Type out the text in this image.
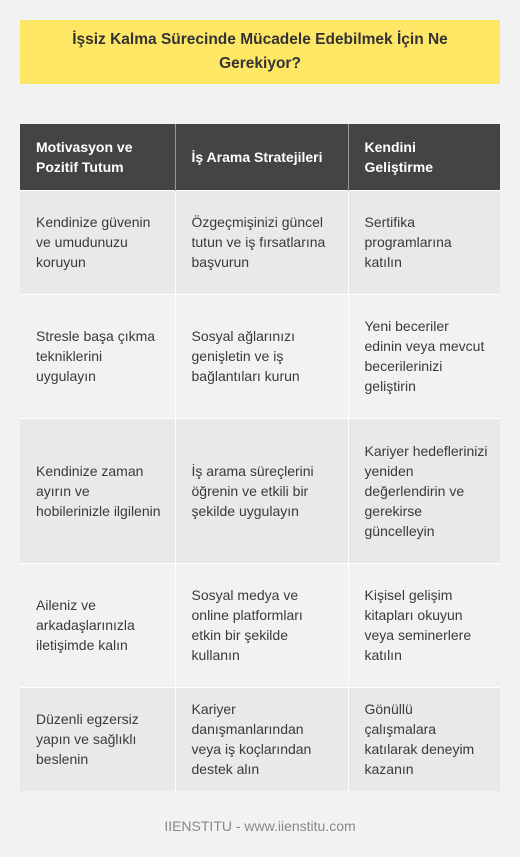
İşsiz Kalma Sürecinde Mücadele Edebilmek İçin Ne Gerekiyor?
Motivasyon ve Pozitif Tutum	İş Arama Stratejileri	Kendini Geliştirme
Kendinize güvenin ve umudunuzu koruyun	Özgeçmişinizi güncel tutun ve iş fırsatlarına başvurun	Sertifika programlarına katılın
Stresle başa çıkma tekniklerini uygulayın	Sosyal ağlarınızı genişletin ve iş bağlantıları kurun	Yeni beceriler edinin veya mevcut becerilerinizi geliştirin
Kendinize zaman ayırın ve hobilerinizle ilgilenin	İş arama süreçlerini öğrenin ve etkili bir şekilde uygulayın	Kariyer hedeflerinizi yeniden değerlendirin ve gerekirse güncelleyin
Aileniz ve arkadaşlarınızla iletişimde kalın	Sosyal medya ve online platformları etkin bir şekilde kullanın	Kişisel gelişim kitapları okuyun veya seminerlere katılın
Düzenli egzersiz yapın ve sağlıklı beslenin	Kariyer danışmanlarından veya iş koçlarından destek alın	Gönüllü çalışmalara katılarak deneyim kazanın
IIENSTITU - www.iienstitu.com
